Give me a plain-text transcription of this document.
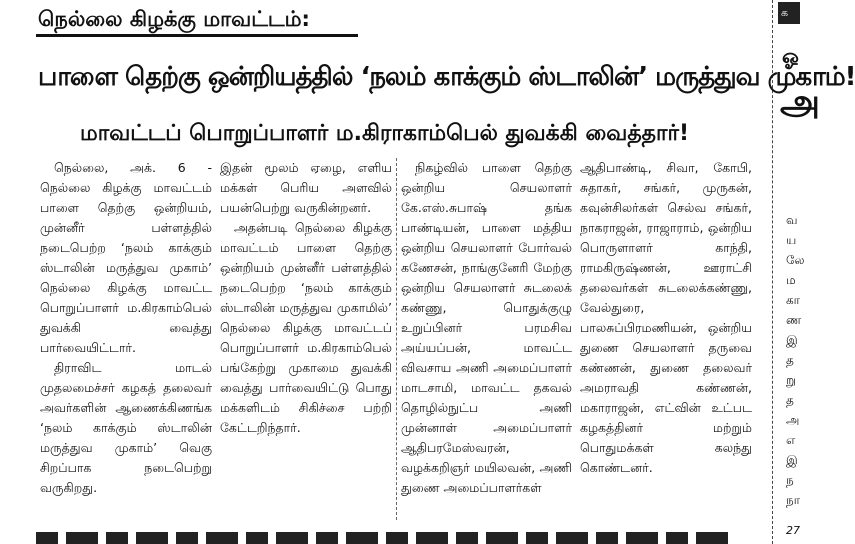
நெல்லை கிழக்கு மாவட்டம்:
பாளை தெற்கு ஒன்றியத்தில் ‘நலம் காக்கும் ஸ்டாலின்’ மருத்துவ முகாம்!
மாவட்டப் பொறுப்பாளர் ம.கிராகாம்பெல் துவக்கி வைத்தார்!

நெல்லை, அக். 6 - நெல்லை கிழக்கு மாவட்டம் பாளை தெற்கு ஒன்றியம், முன்னீர் பள்ளத்தில் நடைபெற்ற ‘நலம் காக்கும் ஸ்டாலின் மருத்துவ முகாம்’ நெல்லை கிழக்கு மாவட்ட பொறுப்பாளர் ம.கிரகாம்பெல் துவக்கி வைத்து பார்வையிட்டார்.

திராவிட மாடல் முதலமைச்சர் கழகத் தலைவர் அவர்களின் ஆணைக்கிணங்க ‘நலம் காக்கும் ஸ்டாலின் மருத்துவ முகாம்’ வெகு சிறப்பாக நடைபெற்று வருகிறது.

இதன் மூலம் ஏழை, எளிய மக்கள் பெரிய அளவில் பயன்பெற்று வருகின்றனர்.

அதன்படி நெல்லை கிழக்கு மாவட்டம் பாளை தெற்கு ஒன்றியம் முன்னீர் பள்ளத்தில் நடைபெற்ற ‘நலம் காக்கும் ஸ்டாலின் மருத்துவ முகாமில்’ நெல்லை கிழக்கு மாவட்டப் பொறுப்பாளர் ம.கிரகாம்பெல் பங்கேற்று முகாமை துவக்கி வைத்து பார்வையிட்டு பொது மக்களிடம் சிகிச்சை பற்றி கேட்டறிந்தார்.

நிகழ்வில் பாளை தெற்கு ஒன்றிய செயலாளர் கே.எஸ்.சுபாஷ் தங்க பாண்டியன், பாளை மத்திய ஒன்றிய செயலாளர் போர்வல் கணேசன், நாங்குனேரி மேற்கு ஒன்றிய செயலாளர் சுடலைக் கண்ணு, பொதுக்குழு உறுப்பினர் பரமசிவ அய்யப்பன், மாவட்ட விவசாய அணி அமைப்பாளர் மாடசாமி, மாவட்ட தகவல் தொழில்நுட்ப அணி முன்னாள் அமைப்பாளர் ஆதிபரமேஸ்வரன், வழக்கறிஞர் மயிலவன், அணி துணை அமைப்பாளர்கள்

ஆதிபாண்டி, சிவா, கோபி, சுதாகர், சங்கர், முருகன், கவுன்சிலர்கள் செல்வ சங்கர், நாகராஜன், ராஜாராம், ஒன்றிய பொருளாளர் காந்தி, ராமகிருஷ்ணன், ஊராட்சி தலைவர்கள் சுடலைக்கண்ணு, வேல்துரை, பாலசுப்பிரமணியன், ஒன்றிய துணை செயலாளர் தருவை கண்ணன், துணை தலைவர் அமராவதி கண்ணன், மகாராஜன், எட்வின் உட்பட கழகத்தினர் மற்றும் பொதுமக்கள் கலந்து கொண்டனர்.

க
ஓ
அ
வ
ய
லே
ம
கா
ண
இ
த
று
த
அ
எ
இ
ந
நா
27
